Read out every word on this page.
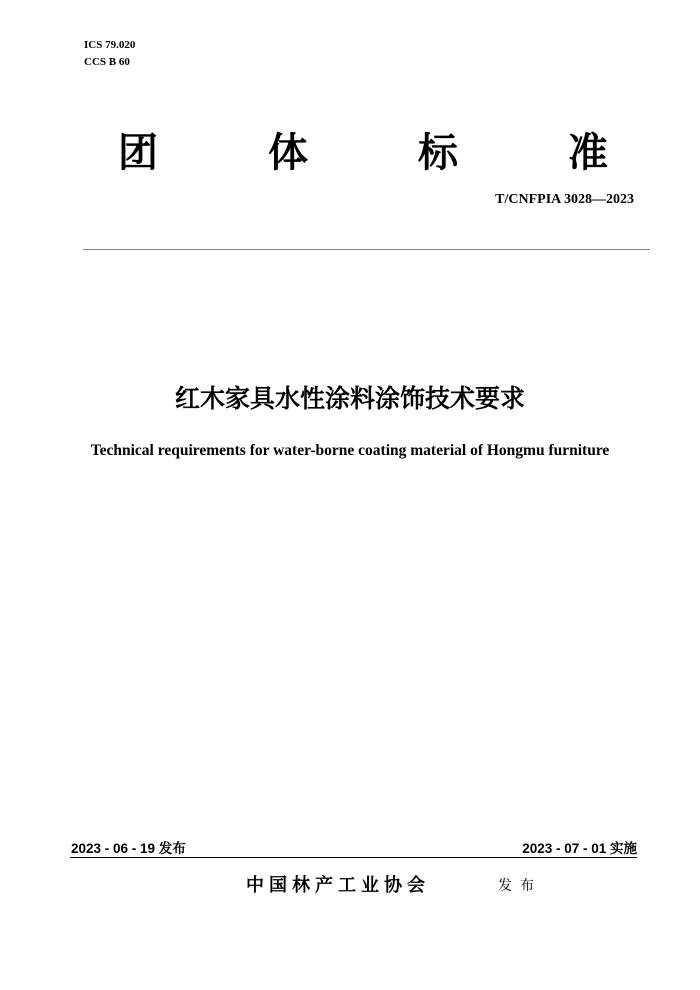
ICS 79.020
CCS B 60
团	体	标	准
T/CNFPIA 3028—2023
红木家具水性涂料涂饰技术要求
Technical requirements for water-borne coating material of Hongmu furniture
2023 - 06 - 19 发布	2023 - 07 - 01 实施
中国林产工业协会	发布
